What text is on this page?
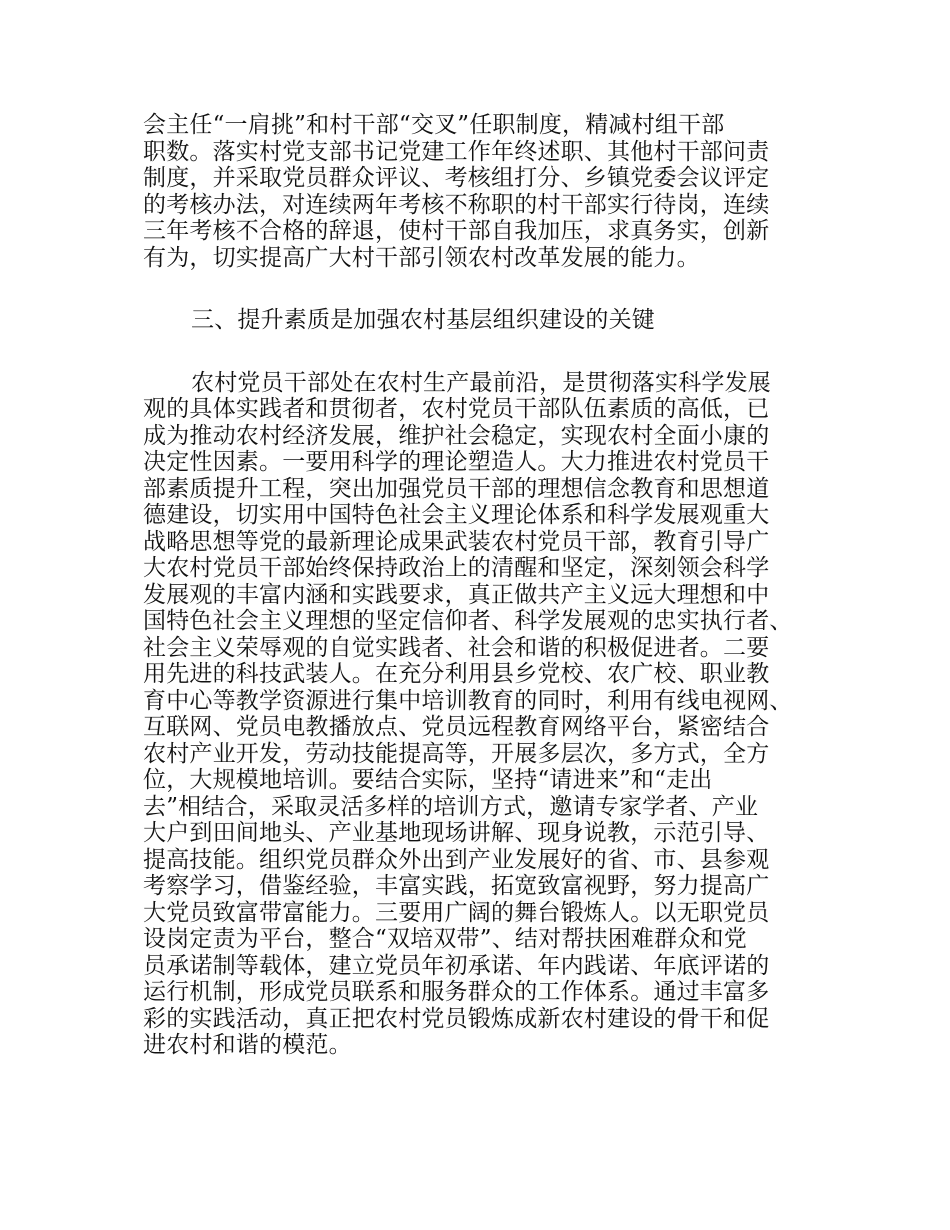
会主任“一肩挑”和村干部“交叉”任职制度，精减村组干部
职数。落实村党支部书记党建工作年终述职、其他村干部问责
制度，并采取党员群众评议、考核组打分、乡镇党委会议评定
的考核办法，对连续两年考核不称职的村干部实行待岗，连续
三年考核不合格的辞退，使村干部自我加压，求真务实，创新
有为，切实提高广大村干部引领农村改革发展的能力。
三、提升素质是加强农村基层组织建设的关键
农村党员干部处在农村生产最前沿，是贯彻落实科学发展
观的具体实践者和贯彻者，农村党员干部队伍素质的高低，已
成为推动农村经济发展，维护社会稳定，实现农村全面小康的
决定性因素。一要用科学的理论塑造人。大力推进农村党员干
部素质提升工程，突出加强党员干部的理想信念教育和思想道
德建设，切实用中国特色社会主义理论体系和科学发展观重大
战略思想等党的最新理论成果武装农村党员干部，教育引导广
大农村党员干部始终保持政治上的清醒和坚定，深刻领会科学
发展观的丰富内涵和实践要求，真正做共产主义远大理想和中
国特色社会主义理想的坚定信仰者、科学发展观的忠实执行者、
社会主义荣辱观的自觉实践者、社会和谐的积极促进者。二要
用先进的科技武装人。在充分利用县乡党校、农广校、职业教
育中心等教学资源进行集中培训教育的同时，利用有线电视网、
互联网、党员电教播放点、党员远程教育网络平台，紧密结合
农村产业开发，劳动技能提高等，开展多层次，多方式，全方
位，大规模地培训。要结合实际，坚持“请进来”和“走出
去”相结合，采取灵活多样的培训方式，邀请专家学者、产业
大户到田间地头、产业基地现场讲解、现身说教，示范引导、
提高技能。组织党员群众外出到产业发展好的省、市、县参观
考察学习，借鉴经验，丰富实践，拓宽致富视野，努力提高广
大党员致富带富能力。三要用广阔的舞台锻炼人。以无职党员
设岗定责为平台，整合“双培双带”、结对帮扶困难群众和党
员承诺制等载体，建立党员年初承诺、年内践诺、年底评诺的
运行机制，形成党员联系和服务群众的工作体系。通过丰富多
彩的实践活动，真正把农村党员锻炼成新农村建设的骨干和促
进农村和谐的模范。
